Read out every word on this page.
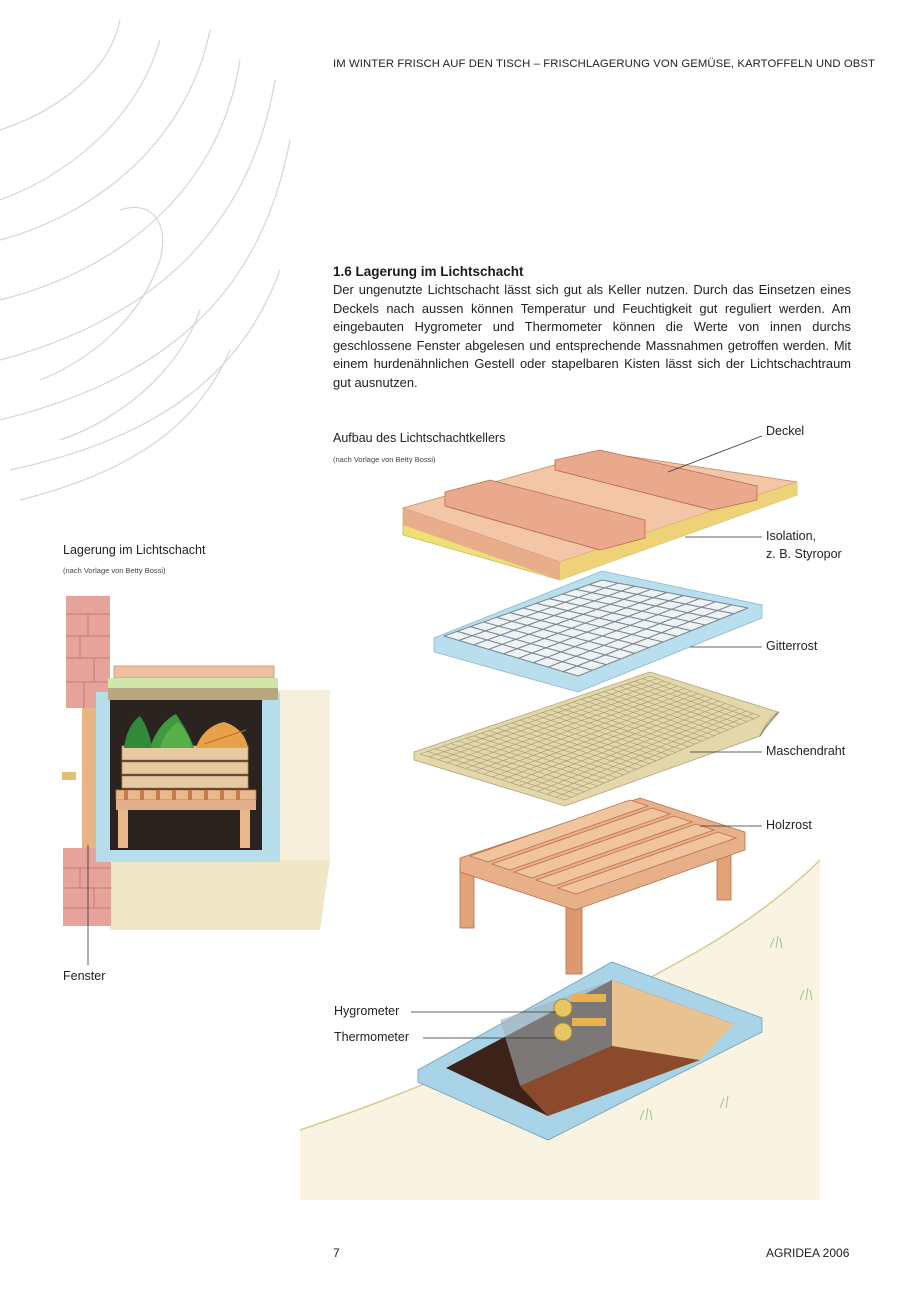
IM WINTER FRISCH AUF DEN TISCH – FRISCHLAGERUNG VON GEMÜSE, KARTOFFELN UND OBST
1.6 Lagerung im Lichtschacht

Der ungenutzte Lichtschacht lässt sich gut als Keller nutzen. Durch das Einsetzen eines Deckels nach aussen können Temperatur und Feuchtigkeit gut reguliert werden. Am eingebauten Hygrometer und Thermometer können die Werte von innen durchs geschlossene Fenster abgelesen und entsprechende Massnahmen getroffen werden. Mit einem hurdenähnlichen Gestell oder stapelbaren Kisten lässt sich der Lichtschachtraum gut ausnutzen.

Lagerung im Lichtschacht
(nach Vorlage von Betty Bossi)
Fenster
Aufbau des Lichtschachtkellers
(nach Vorlage von Betty Bossi)
Deckel
Isolation,
z. B. Styropor
Gitterrost
Maschendraht
Holzrost
Hygrometer
Thermometer
7	AGRIDEA 2006
